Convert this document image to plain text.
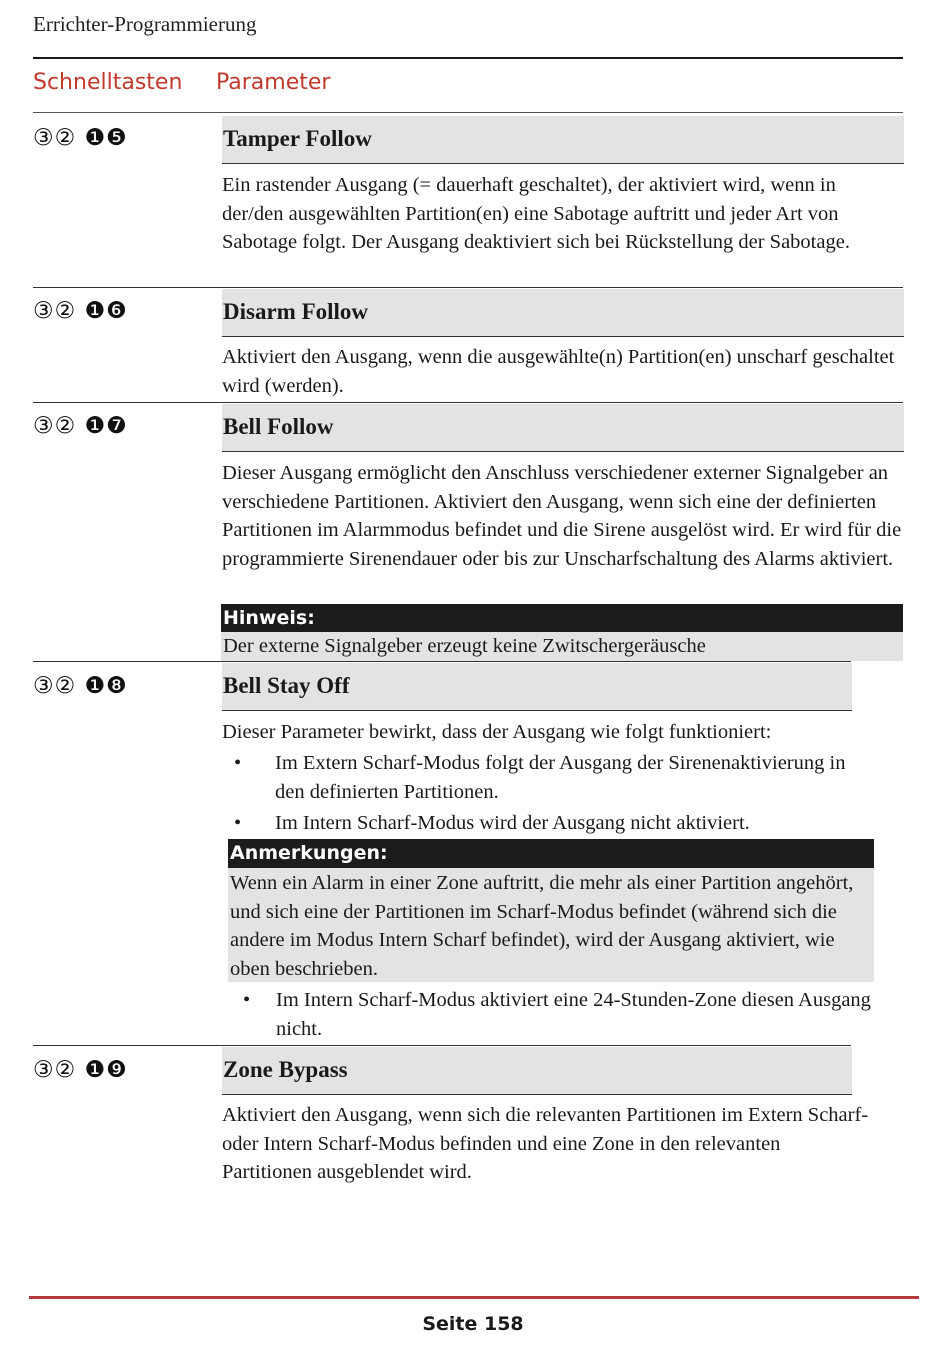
Errichter-Programmierung
Schnelltasten Parameter
③② ❶❺	Tamper Follow
Ein rastender Ausgang (= dauerhaft geschaltet), der aktiviert wird, wenn in der/den ausgewählten Partition(en) eine Sabotage auftritt und jeder Art von Sabotage folgt. Der Ausgang deaktiviert sich bei Rückstellung der Sabotage.
③② ❶❻	Disarm Follow
Aktiviert den Ausgang, wenn die ausgewählte(n) Partition(en) unscharf geschaltet wird (werden).
③② ❶❼	Bell Follow
Dieser Ausgang ermöglicht den Anschluss verschiedener externer Signalgeber an verschiedene Partitionen. Aktiviert den Ausgang, wenn sich eine der definierten Partitionen im Alarmmodus befindet und die Sirene ausgelöst wird. Er wird für die programmierte Sirenendauer oder bis zur Unscharfschaltung des Alarms aktiviert.
Hinweis:
Der externe Signalgeber erzeugt keine Zwitschergeräusche
③② ❶❽	Bell Stay Off
Dieser Parameter bewirkt, dass der Ausgang wie folgt funktioniert:
• Im Extern Scharf-Modus folgt der Ausgang der Sirenenaktivierung in den definierten Partitionen.
• Im Intern Scharf-Modus wird der Ausgang nicht aktiviert.
Anmerkungen:
Wenn ein Alarm in einer Zone auftritt, die mehr als einer Partition angehört, und sich eine der Partitionen im Scharf-Modus befindet (während sich die andere im Modus Intern Scharf befindet), wird der Ausgang aktiviert, wie oben beschrieben.
• Im Intern Scharf-Modus aktiviert eine 24-Stunden-Zone diesen Ausgang nicht.
③② ❶❾	Zone Bypass
Aktiviert den Ausgang, wenn sich die relevanten Partitionen im Extern Scharf- oder Intern Scharf-Modus befinden und eine Zone in den relevanten Partitionen ausgeblendet wird.
Seite 158
